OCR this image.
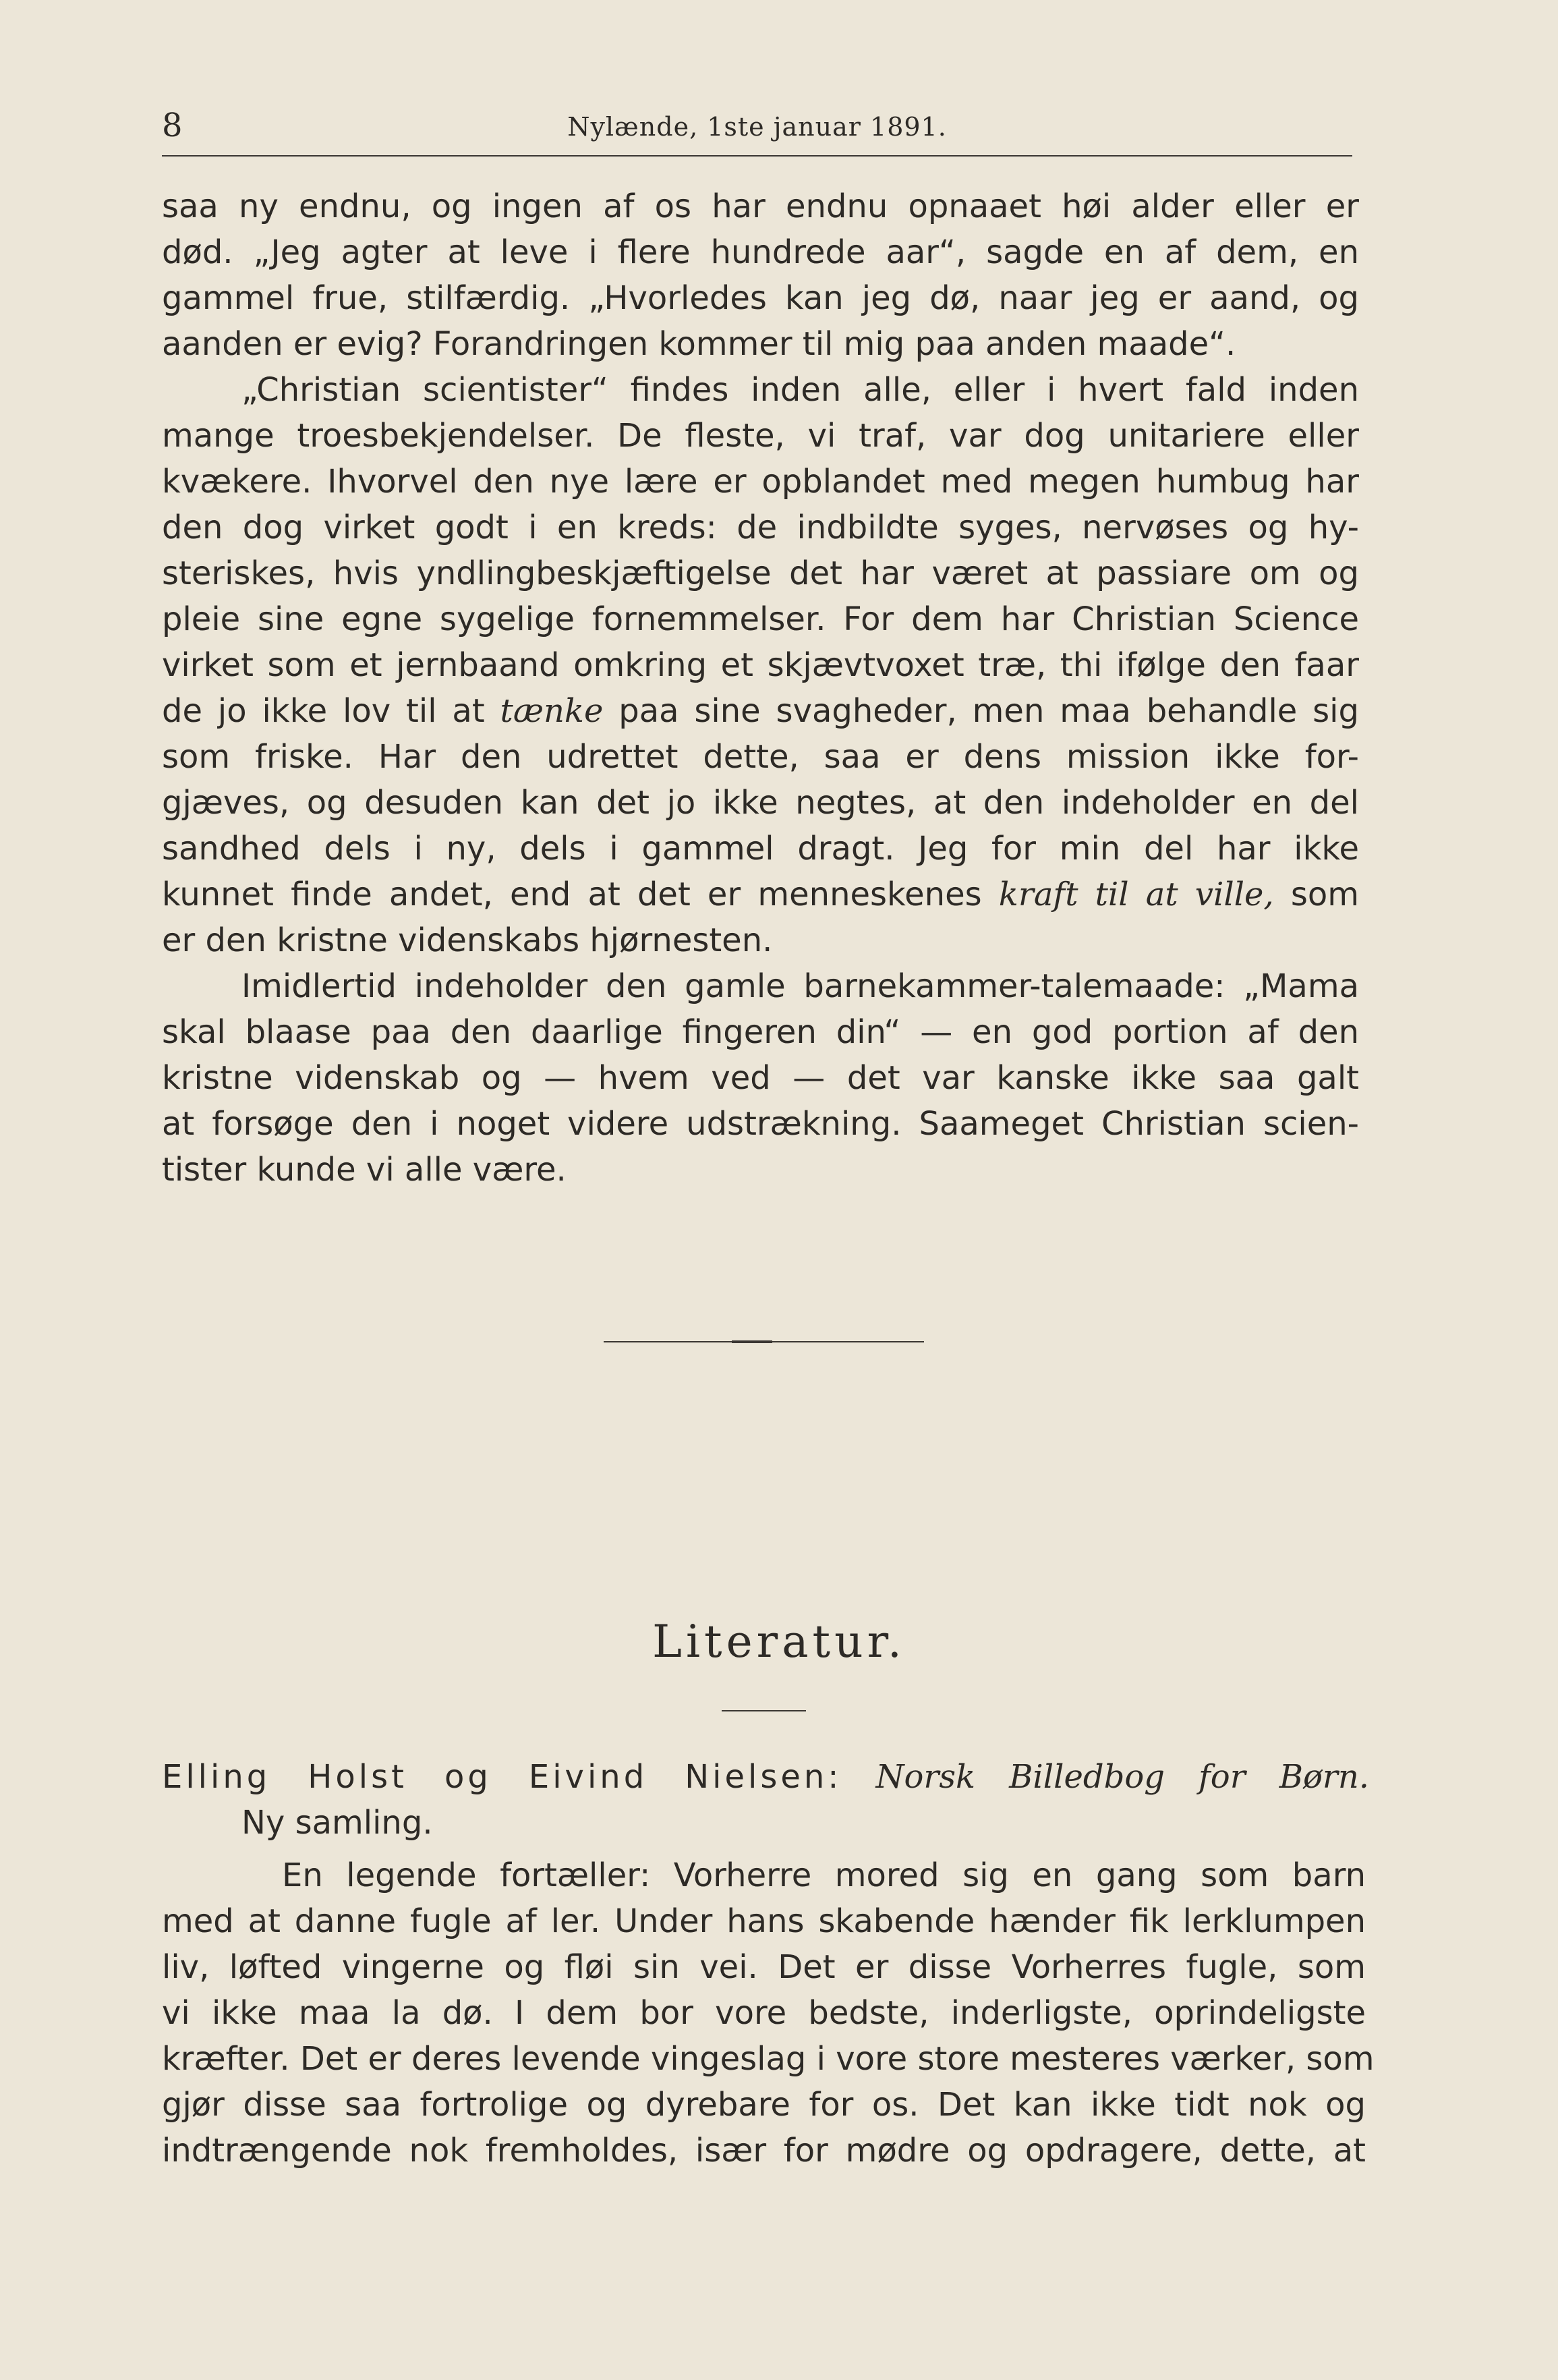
8	Nylænde, 1ste januar 1891.
saa ny endnu, og ingen af os har endnu opnaaet høi alder eller er
død. „Jeg agter at leve i flere hundrede aar“, sagde en af dem, en
gammel frue, stilfærdig. „Hvorledes kan jeg dø, naar jeg er aand, og
aanden er evig? Forandringen kommer til mig paa anden maade“.
„Christian scientister“ findes inden alle, eller i hvert fald inden
mange troesbekjendelser. De fleste, vi traf, var dog unitariere eller
kvækere. Ihvorvel den nye lære er opblandet med megen humbug har
den dog virket godt i en kreds: de indbildte syges, nervøses og hy-
steriskes, hvis yndlingbeskjæftigelse det har været at passiare om og
pleie sine egne sygelige fornemmelser. For dem har Christian Science
virket som et jernbaand omkring et skjævtvoxet træ, thi ifølge den faar
de jo ikke lov til at tænke paa sine svagheder, men maa behandle sig
som friske. Har den udrettet dette, saa er dens mission ikke for-
gjæves, og desuden kan det jo ikke negtes, at den indeholder en del
sandhed dels i ny, dels i gammel dragt. Jeg for min del har ikke
kunnet finde andet, end at det er menneskenes kraft til at ville, som
er den kristne videnskabs hjørnesten.
Imidlertid indeholder den gamle barnekammer-talemaade: „Mama
skal blaase paa den daarlige fingeren din“ — en god portion af den
kristne videnskab og — hvem ved — det var kanske ikke saa galt
at forsøge den i noget videre udstrækning. Saameget Christian scien-
tister kunde vi alle være.
Literatur.
Elling Holst og Eivind Nielsen: Norsk Billedbog for Børn.
Ny samling.
En legende fortæller: Vorherre mored sig en gang som barn
med at danne fugle af ler. Under hans skabende hænder fik lerklumpen
liv, løfted vingerne og fløi sin vei. Det er disse Vorherres fugle, som
vi ikke maa la dø. I dem bor vore bedste, inderligste, oprindeligste
kræfter. Det er deres levende vingeslag i vore store mesteres værker, som
gjør disse saa fortrolige og dyrebare for os. Det kan ikke tidt nok og
indtrængende nok fremholdes, især for mødre og opdragere, dette, at
